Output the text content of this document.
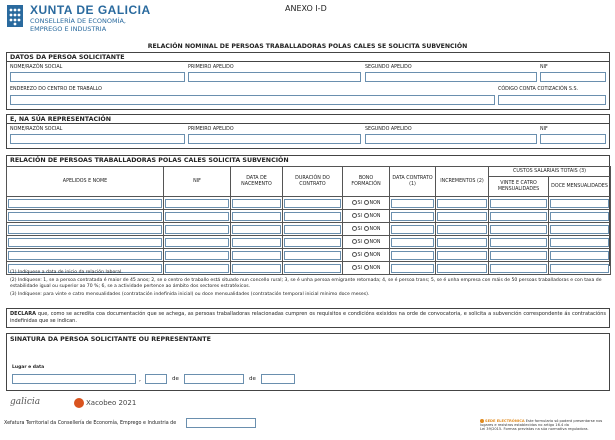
XUNTA DE GALICIA
CONSELLERÍA DE ECONOMÍA,
EMPREGO E INDUSTRIA
ANEXO I-D
RELACIÓN NOMINAL DE PERSOAS TRABALLADORAS POLAS CALES SE SOLICITA SUBVENCIÓN
DATOS DA PERSOA SOLICITANTE
NOME/RAZÓN SOCIAL	PRIMEIRO APELIDO	SEGUNDO APELIDO	NIF
ENDEREZO DO CENTRO DE TRABALLO	CÓDIGO CONTA COTIZACIÓN S.S.
E, NA SÚA REPRESENTACIÓN
NOME/RAZÓN SOCIAL	PRIMEIRO APELIDO	SEGUNDO APELIDO	NIF
RELACIÓN DE PERSOAS TRABALLADORAS POLAS CALES SOLICITA SUBVENCIÓN
APELIDOS E NOME	NIF	DATA DE NACEMENTO	DURACIÓN DO CONTRATO	BONO FORMACIÓN	DATA CONTRATO (1)	INCREMENTOS (2)	CUSTOS SALARIAIS TOTAIS (3)	
							VINTE E CATRO MENSUALIDADES	DOCE MENSUALIDADES
				SI NON				
				SI NON				
				SI NON				
				SI NON				
				SI NON				
				SI NON				
(1) Indíquese a data de inicio da relación laboral.
(2) Indíquese: 1, se a persoa contratada é maior de 45 anos; 2, se o centro de traballo está situado nun concello rural; 3, se é unha persoa emigrante retornada; 4, se é persoa trans; 5, se é unha empresa con máis de 50 persoas traballadoras e con taxa de estabilidade igual ou superior ao 70 %; 6, se a actividade pertence ao ámbito dos sectores estratéxicos.
(3) Indíquese: para vinte e catro mensualidades (contratación indefinida inicial) ou doce mensualidades (contratación temporal inicial mínimo doce meses).
DECLARA que, como se acredita coa documentación que se achega, as persoas traballadoras relacionadas cumpren os requisitos e condicións exixidos na orde de convocatoria, e solicita a subvención correspondente ás contratacións indefinidas que se indican.
SINATURA DA PERSOA SOLICITANTE OU REPRESENTANTE
Lugar e data
,	de	de
galicia	Xacobeo 2021
Xefatura Territorial da Consellería de Economía, Emprego e Industria de	SEDE ELECTRÓNICA Este formulario só poderá presentarse nos
lugares e rexistros establecidos no artigo 16.4 da
Lei 39/2015. Formas previstas na súa normativa reguladora.
